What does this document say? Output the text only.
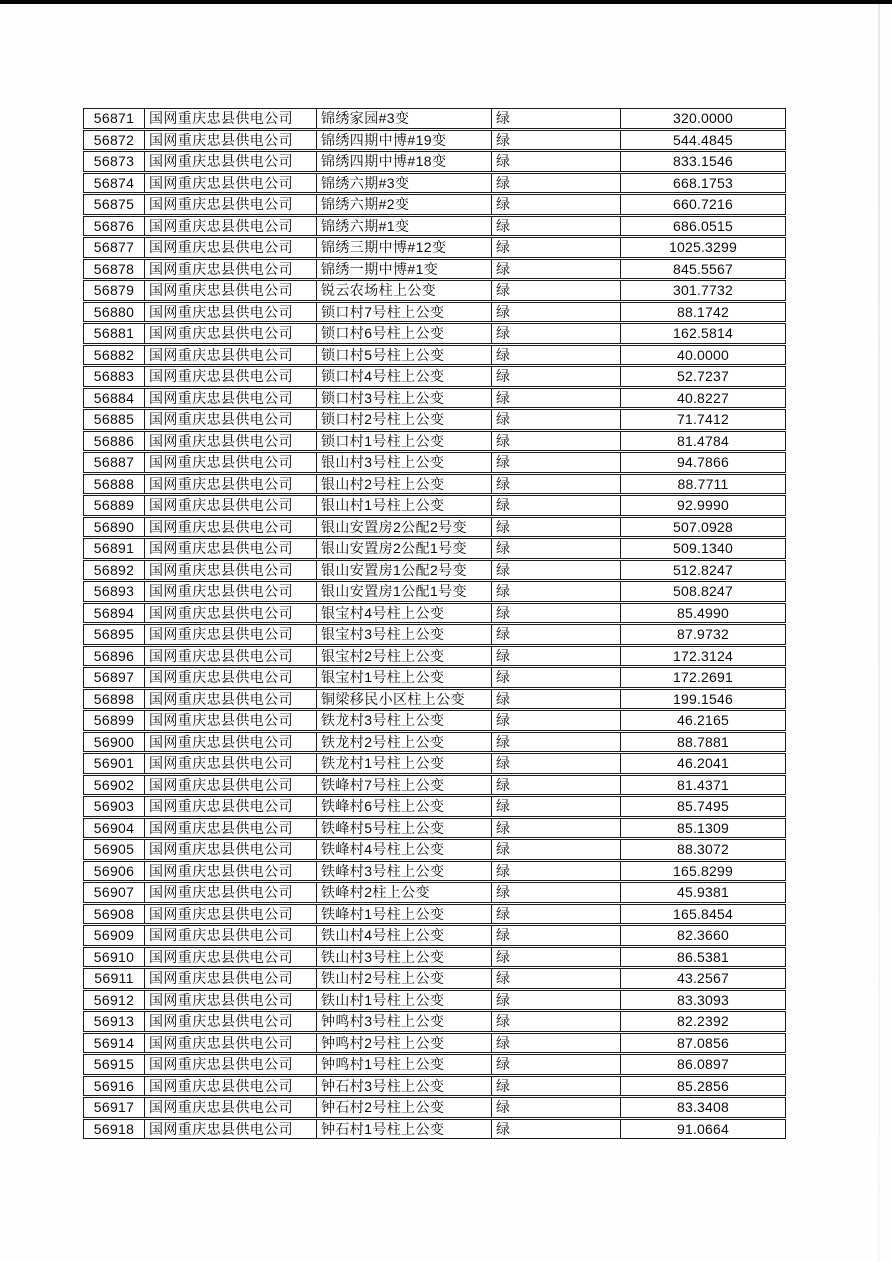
56871	国网重庆忠县供电公司	锦绣家园#3变	绿	320.0000
56872	国网重庆忠县供电公司	锦绣四期中博#19变	绿	544.4845
56873	国网重庆忠县供电公司	锦绣四期中博#18变	绿	833.1546
56874	国网重庆忠县供电公司	锦绣六期#3变	绿	668.1753
56875	国网重庆忠县供电公司	锦绣六期#2变	绿	660.7216
56876	国网重庆忠县供电公司	锦绣六期#1变	绿	686.0515
56877	国网重庆忠县供电公司	锦绣三期中博#12变	绿	1025.3299
56878	国网重庆忠县供电公司	锦绣一期中博#1变	绿	845.5567
56879	国网重庆忠县供电公司	锐云农场柱上公变	绿	301.7732
56880	国网重庆忠县供电公司	锁口村7号柱上公变	绿	88.1742
56881	国网重庆忠县供电公司	锁口村6号柱上公变	绿	162.5814
56882	国网重庆忠县供电公司	锁口村5号柱上公变	绿	40.0000
56883	国网重庆忠县供电公司	锁口村4号柱上公变	绿	52.7237
56884	国网重庆忠县供电公司	锁口村3号柱上公变	绿	40.8227
56885	国网重庆忠县供电公司	锁口村2号柱上公变	绿	71.7412
56886	国网重庆忠县供电公司	锁口村1号柱上公变	绿	81.4784
56887	国网重庆忠县供电公司	银山村3号柱上公变	绿	94.7866
56888	国网重庆忠县供电公司	银山村2号柱上公变	绿	88.7711
56889	国网重庆忠县供电公司	银山村1号柱上公变	绿	92.9990
56890	国网重庆忠县供电公司	银山安置房2公配2号变	绿	507.0928
56891	国网重庆忠县供电公司	银山安置房2公配1号变	绿	509.1340
56892	国网重庆忠县供电公司	银山安置房1公配2号变	绿	512.8247
56893	国网重庆忠县供电公司	银山安置房1公配1号变	绿	508.8247
56894	国网重庆忠县供电公司	银宝村4号柱上公变	绿	85.4990
56895	国网重庆忠县供电公司	银宝村3号柱上公变	绿	87.9732
56896	国网重庆忠县供电公司	银宝村2号柱上公变	绿	172.3124
56897	国网重庆忠县供电公司	银宝村1号柱上公变	绿	172.2691
56898	国网重庆忠县供电公司	铜梁移民小区柱上公变	绿	199.1546
56899	国网重庆忠县供电公司	铁龙村3号柱上公变	绿	46.2165
56900	国网重庆忠县供电公司	铁龙村2号柱上公变	绿	88.7881
56901	国网重庆忠县供电公司	铁龙村1号柱上公变	绿	46.2041
56902	国网重庆忠县供电公司	铁峰村7号柱上公变	绿	81.4371
56903	国网重庆忠县供电公司	铁峰村6号柱上公变	绿	85.7495
56904	国网重庆忠县供电公司	铁峰村5号柱上公变	绿	85.1309
56905	国网重庆忠县供电公司	铁峰村4号柱上公变	绿	88.3072
56906	国网重庆忠县供电公司	铁峰村3号柱上公变	绿	165.8299
56907	国网重庆忠县供电公司	铁峰村2柱上公变	绿	45.9381
56908	国网重庆忠县供电公司	铁峰村1号柱上公变	绿	165.8454
56909	国网重庆忠县供电公司	铁山村4号柱上公变	绿	82.3660
56910	国网重庆忠县供电公司	铁山村3号柱上公变	绿	86.5381
56911	国网重庆忠县供电公司	铁山村2号柱上公变	绿	43.2567
56912	国网重庆忠县供电公司	铁山村1号柱上公变	绿	83.3093
56913	国网重庆忠县供电公司	钟鸣村3号柱上公变	绿	82.2392
56914	国网重庆忠县供电公司	钟鸣村2号柱上公变	绿	87.0856
56915	国网重庆忠县供电公司	钟鸣村1号柱上公变	绿	86.0897
56916	国网重庆忠县供电公司	钟石村3号柱上公变	绿	85.2856
56917	国网重庆忠县供电公司	钟石村2号柱上公变	绿	83.3408
56918	国网重庆忠县供电公司	钟石村1号柱上公变	绿	91.0664
